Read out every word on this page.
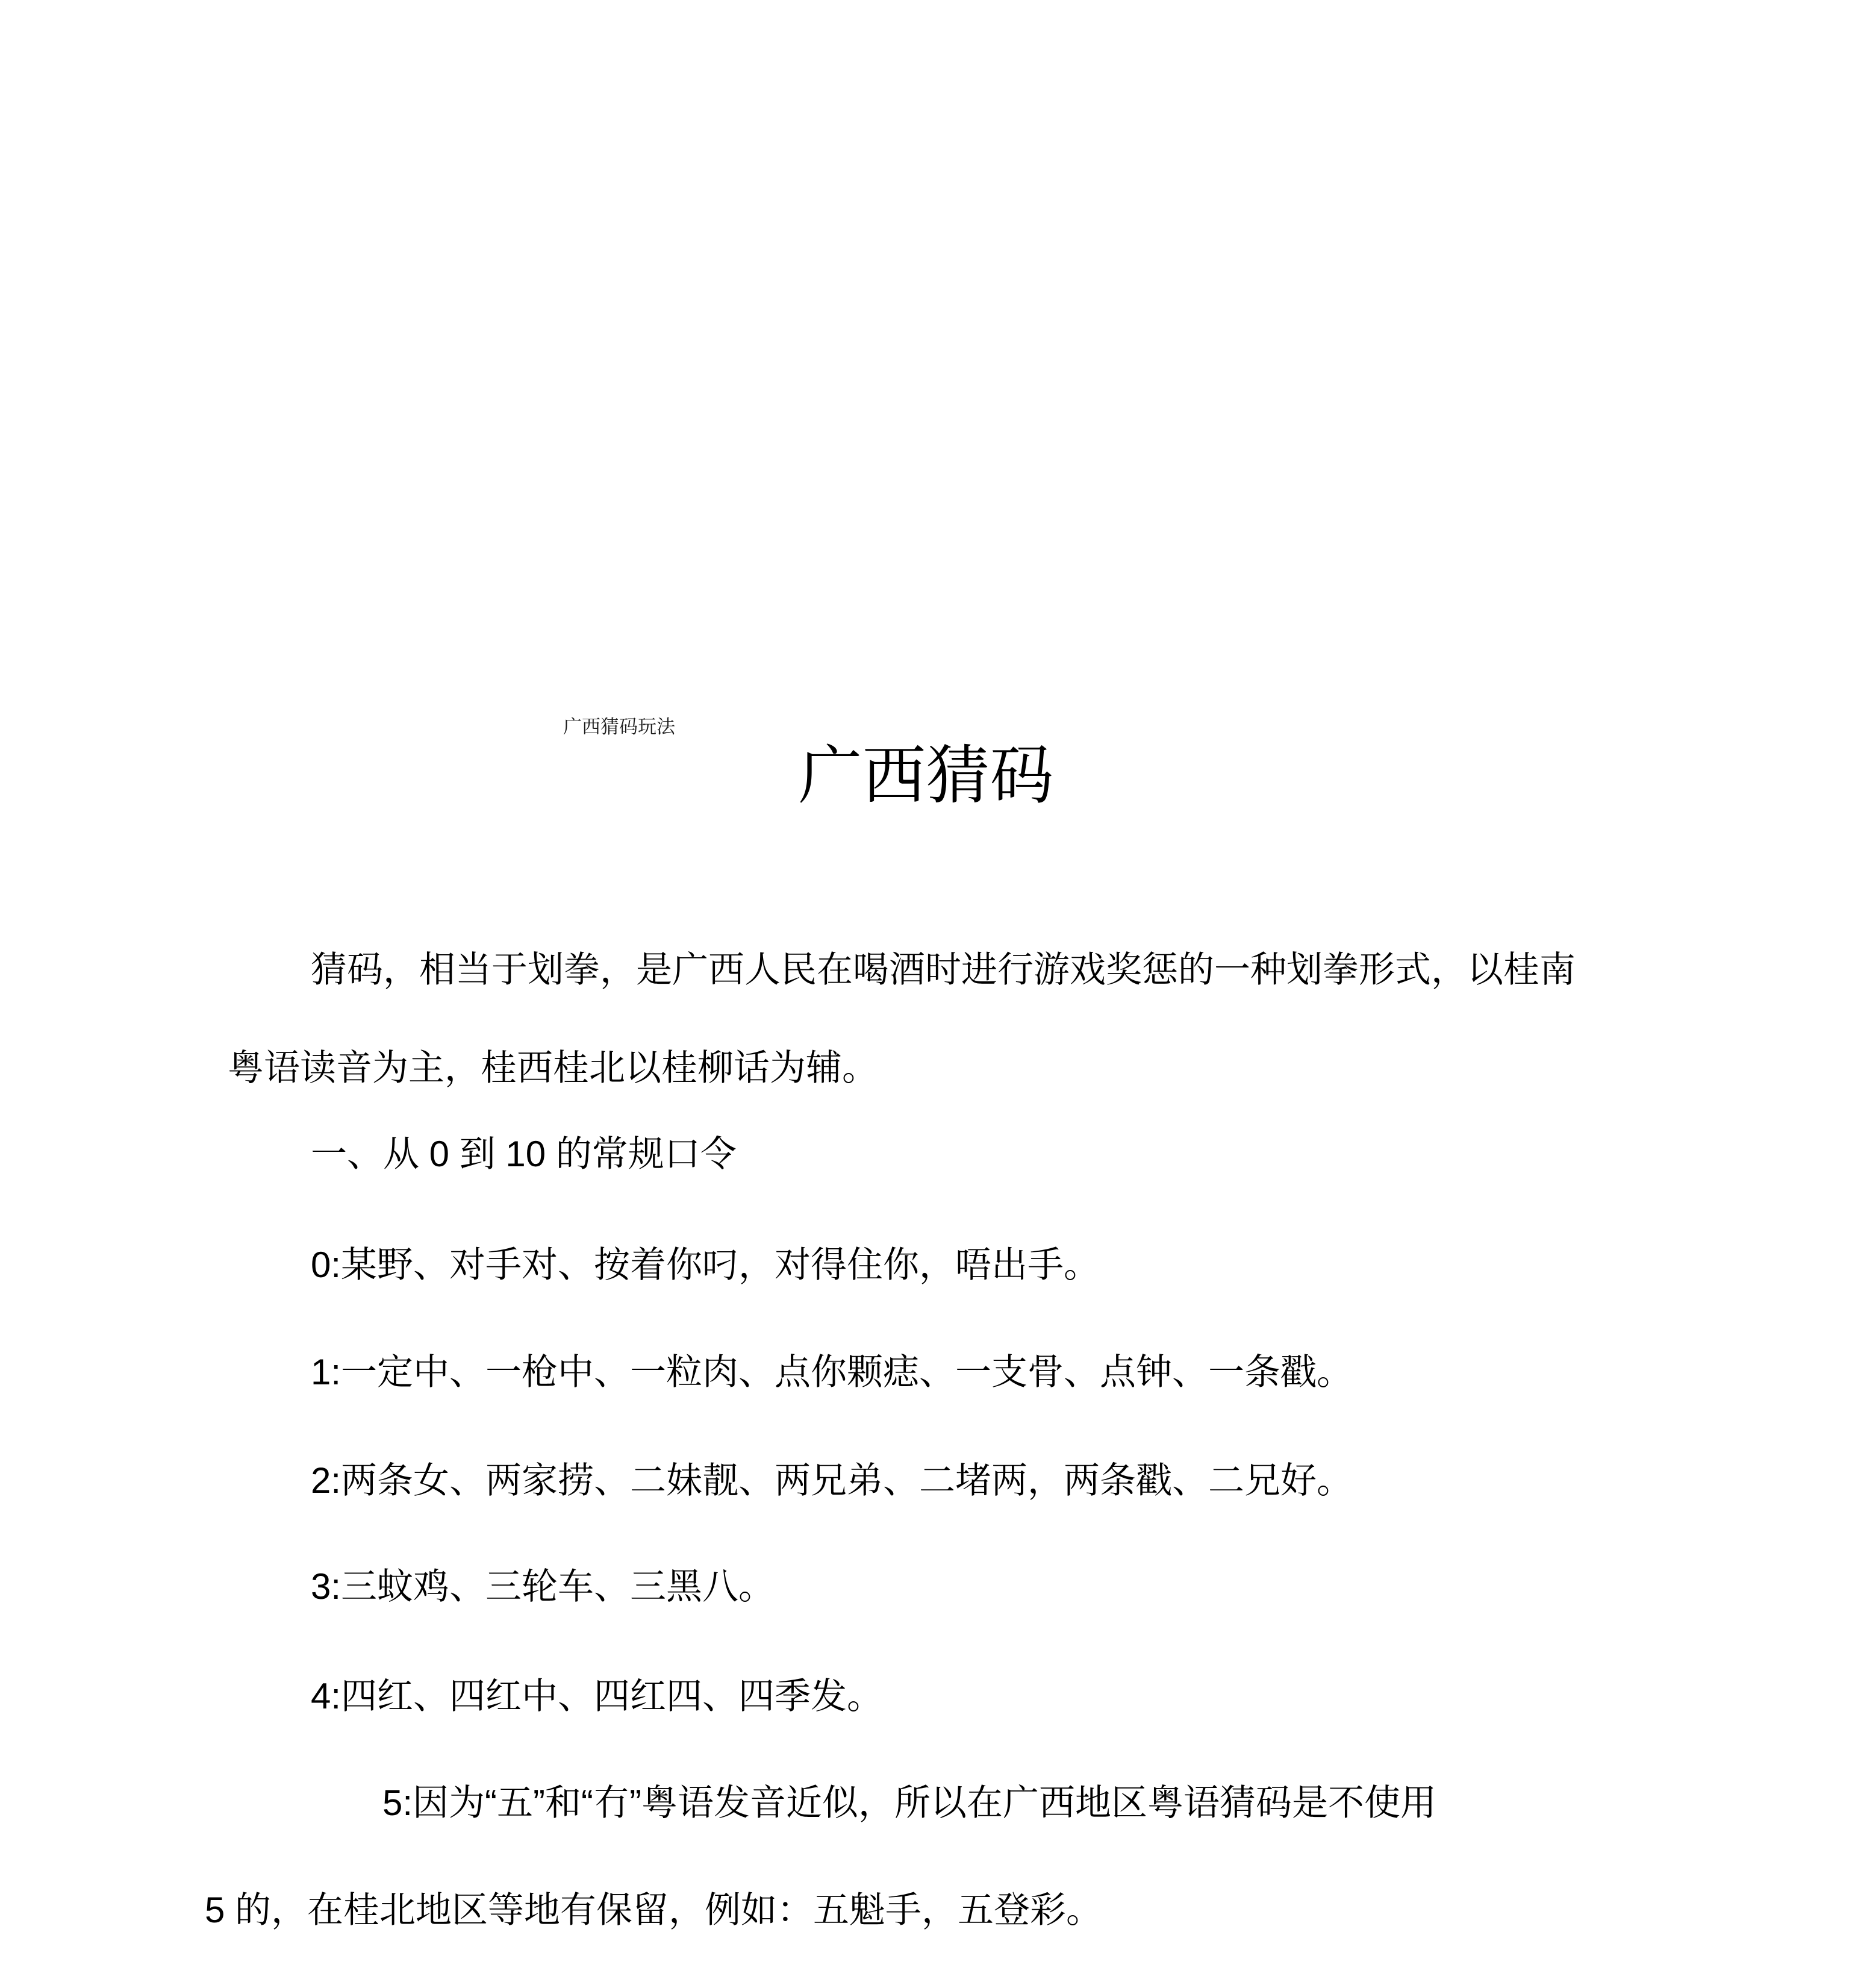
广西猜码玩法
广西猜码

猜码，相当于划拳，是广西人民在喝酒时进行游戏奖惩的一种划拳形式，以桂南

粤语读音为主，桂西桂北以桂柳话为辅。

一、从 0 到 10 的常规口令

0:某野、对手对、按着你叼，对得住你，唔出手。

1:一定中、一枪中、一粒肉、点你颗痣、一支骨、点钟、一条戳。

2:两条女、两家捞、二妹靓、两兄弟、二堵两，两条戳、二兄好。

3:三蚊鸡、三轮车、三黑八。

4:四红、四红中、四红四、四季发。

5:因为“五”和“冇”粤语发音近似，所以在广西地区粤语猜码是不使用

5 的，在桂北地区等地有保留，例如：五魁手，五登彩。
